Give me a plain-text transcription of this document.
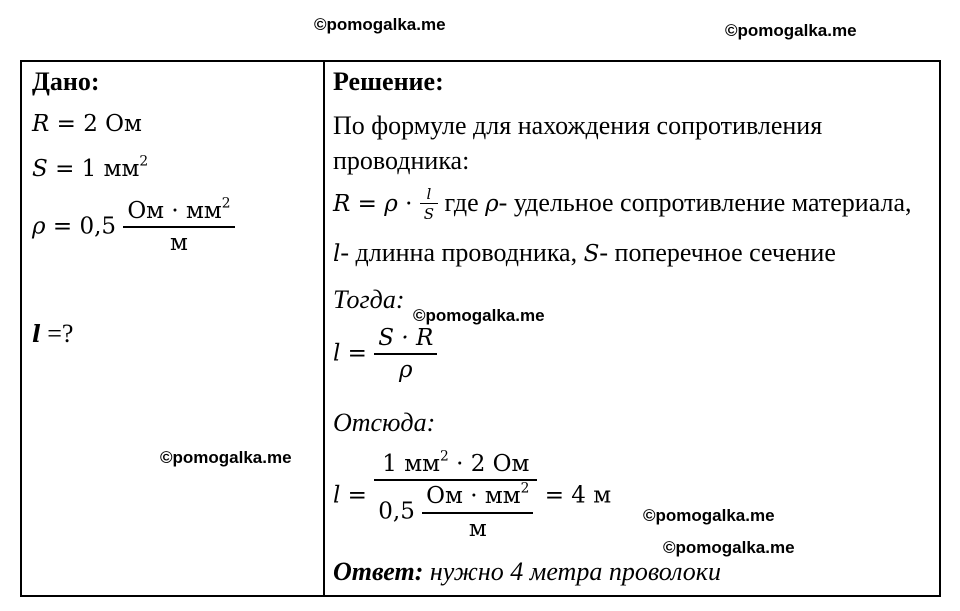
©pomogalka.me	©pomogalka.me
©pomogalka.me
©pomogalka.me
©pomogalka.me
©pomogalka.me
Дано:
R = 2 Ом
S = 1 $мм^2$
$\rho = 0,5 \frac{Ом \cdot мм^2}{м}$
l =?
Решение:
По формуле для нахождения сопротивления
проводника:
$R = \rho \cdot \frac{l}{S}$ где ρ- удельное сопротивление материала,
l- длинна проводника, S- поперечное сечение
Тогда:
$l = \frac{S \cdot R}{\rho}$
Отсюда:
$l = \frac{1 мм^2 \cdot 2 Ом}{0,5 \frac{Ом \cdot мм^2}{м}} = 4$ м
Ответ: нужно 4 метра проволоки
